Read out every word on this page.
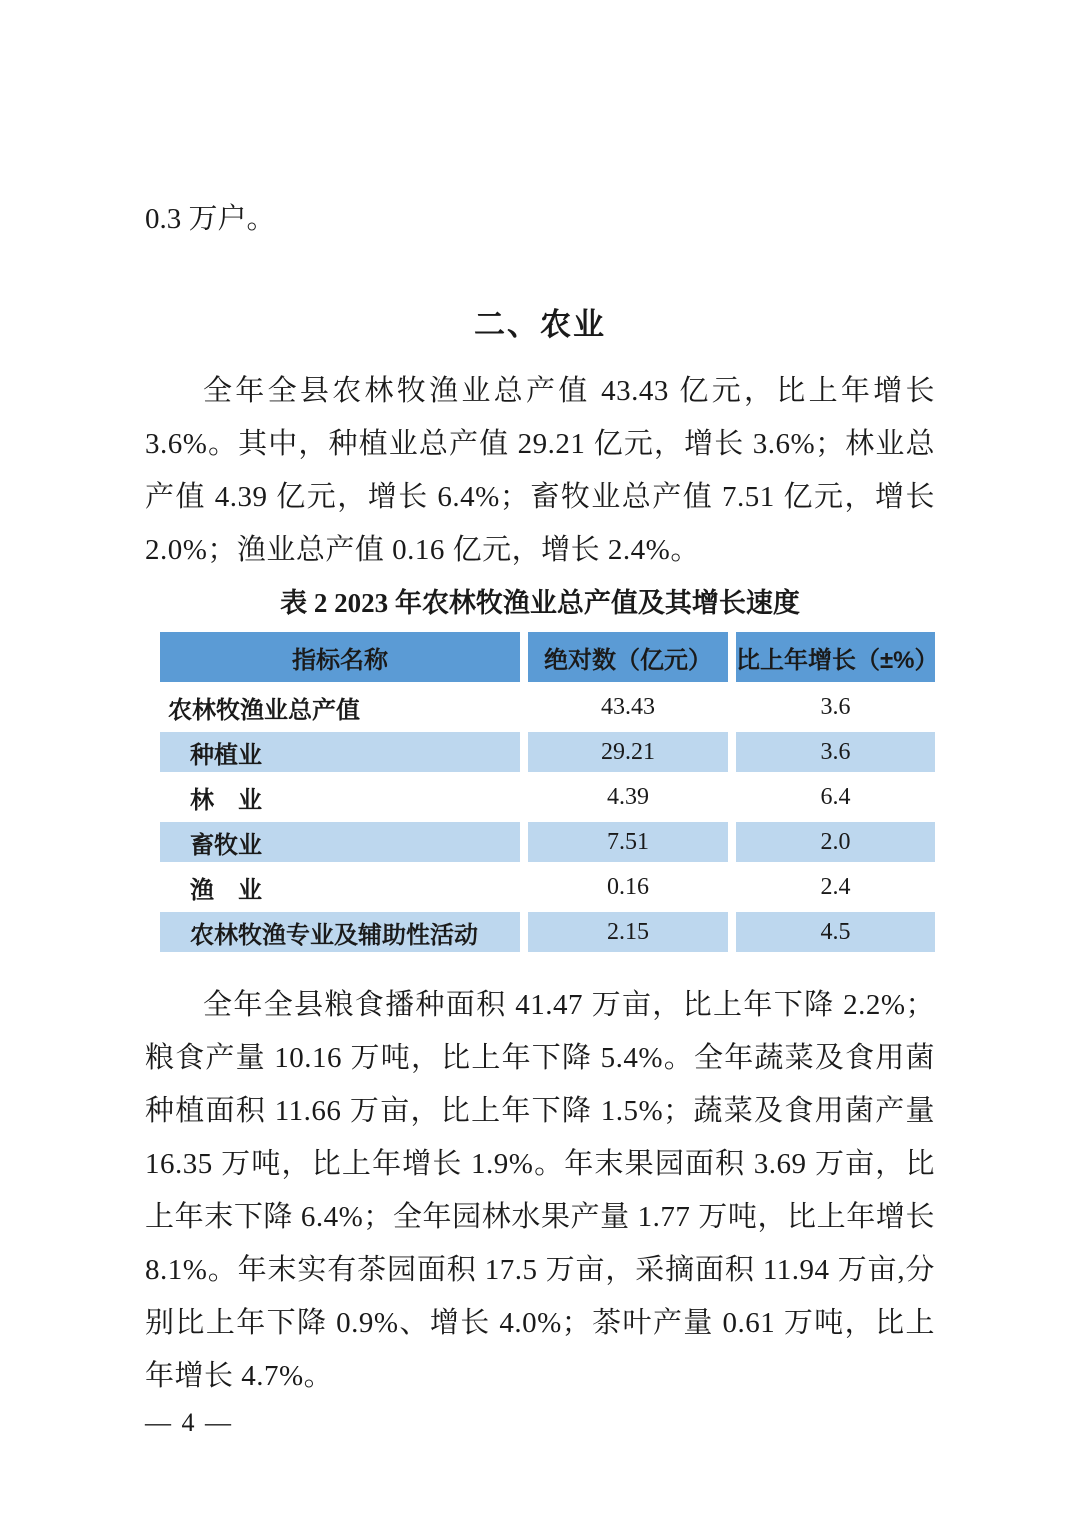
0.3 万户。

二、农业

全年全县农林牧渔业总产值 43.43 亿元，比上年增长 3.6%。其中，种植业总产值 29.21 亿元，增长 3.6%；林业总产值 4.39 亿元，增长 6.4%；畜牧业总产值 7.51 亿元，增长 2.0%；渔业总产值 0.16 亿元，增长 2.4%。

表 2 2023 年农林牧渔业总产值及其增长速度
指标名称	绝对数（亿元）	比上年增长（±%）
农林牧渔业总产值	43.43	3.6
种植业	29.21	3.6
林　业	4.39	6.4
畜牧业	7.51	2.0
渔　业	0.16	2.4
农林牧渔专业及辅助性活动	2.15	4.5

全年全县粮食播种面积 41.47 万亩，比上年下降 2.2%；粮食产量 10.16 万吨，比上年下降 5.4%。全年蔬菜及食用菌种植面积 11.66 万亩，比上年下降 1.5%；蔬菜及食用菌产量 16.35 万吨，比上年增长 1.9%。年末果园面积 3.69 万亩，比上年末下降 6.4%；全年园林水果产量 1.77 万吨，比上年增长 8.1%。年末实有茶园面积 17.5 万亩，采摘面积 11.94 万亩,分别比上年下降 0.9%、增长 4.0%；茶叶产量 0.61 万吨，比上年增长 4.7%。

— 4 —
